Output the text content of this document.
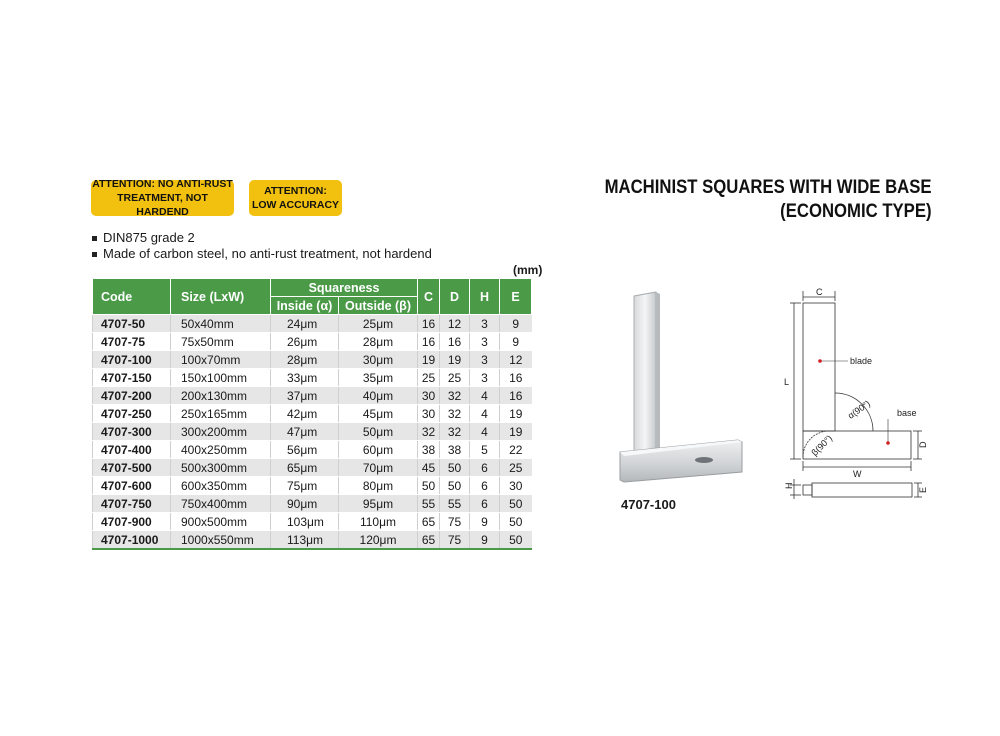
ATTENTION: NO ANTI-RUST
TREATMENT, NOT HARDEND
ATTENTION:
LOW ACCURACY
MACHINIST SQUARES WITH WIDE BASE
(ECONOMIC TYPE)
DIN875 grade 2
Made of carbon steel, no anti-rust treatment, not hardend
(mm)
Code	Size (LxW)	Squareness		C	D	H	E
		Inside (α)	Outside (β)				
4707-50	50x40mm	24μm	25μm	16	12	3	9
4707-75	75x50mm	26μm	28μm	16	16	3	9
4707-100	100x70mm	28μm	30μm	19	19	3	12
4707-150	150x100mm	33μm	35μm	25	25	3	16
4707-200	200x130mm	37μm	40μm	30	32	4	16
4707-250	250x165mm	42μm	45μm	30	32	4	19
4707-300	300x200mm	47μm	50μm	32	32	4	19
4707-400	400x250mm	56μm	60μm	38	38	5	22
4707-500	500x300mm	65μm	70μm	45	50	6	25
4707-600	600x350mm	75μm	80μm	50	50	6	30
4707-750	750x400mm	90μm	95μm	55	55	6	50
4707-900	900x500mm	103μm	110μm	65	75	9	50
4707-1000	1000x550mm	113μm	120μm	65	75	9	50
4707-100
C
L
blade
base
α(90°)
β(90°)	D
W
H
E
